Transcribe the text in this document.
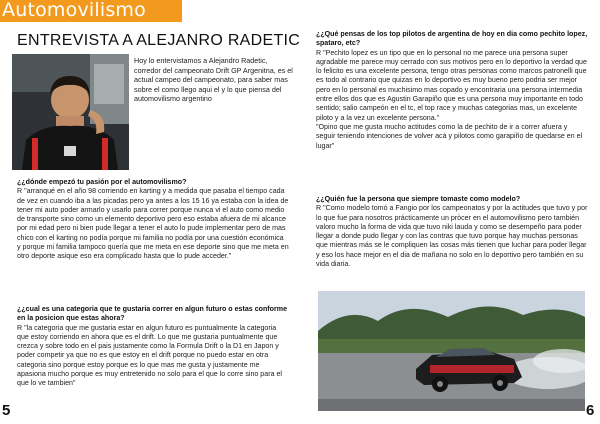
Automovilismo
ENTREVISTA A ALEJANRO RADETIC
Hoy lo entervistamos a Alejandro Radetic, corredor del campeonato Drift GP Argenitna, es el actual campeo del campeonato, para saber mas sobre el como llego aqui el y lo que piensa del automovilismo argentino
¿¿dónde empezó tu pasión por el automovilismo?
R "arranqué en el año 98 corriendo en karting y a medida que pasaba el tiempo cada de vez en cuando iba a las picadas pero ya antes a los 15 16 ya estaba con la idea de tener mi auto poder armarlo y usarlo para correr porque nunca vi el auto como medio de transporte sino como un elemento deportivo pero eso estaba afuera de mi alcance por mi edad pero ni bien pude llegar a tener el auto lo pude implementar pero de mas chico con el karting no podía porque mi familia no podía por una cuestión económica y porque mi familia tampoco quería que me meta en ese deporte sino que me meta en otro deporte asique eso era complicado hasta que lo pude acceder."
¿¿cual es una categoria que te gustaria correr en algun futuro o estas conforme en la posicion que estas ahora?
R "la categoria que me gustaria estar en algun futuro es puntualmente la categoria que estoy corriendo en ahora que es el drift. Lo que me gustaria puntualmente que crezca y sobre todo en el pais justamente como la Formula Drift o la D1 en Japon y poder competir ya que no es que estoy en el drift porque no puedo estar en otra categoria sino porque estoy porque es lo que mas me gusta y justamente me apasiona mucho porque es muy entretenido no solo para el que lo corre sino para el que lo ve tambien"
¿¿Qué pensas de los top pilotos de argentina de hoy en dia como pechito lopez, spataro, etc?
R "Pechito lopez es un tipo que en lo personal no me parece una persona super agradable me parece muy cerrado con sus motivos pero en lo deportivo la verdad que lo felicito es una excelente persona, tengo otras personas como marcos patronelli que es todo al contrario que quizas en lo deportivo es muy bueno pero podria ser mejor pero en lo personal es muchisimo mas copado y encontraria una persona intermedia entre ellos dos que es Agustin Garapiño que es una persona muy importante en todo sentido; salio campeón en el tc, el top race y muchas categorias mas, un excelente piloto y a la vez un excelente persona."
"Opino que me gusta mucho actitudes como la de pechito de ir a correr afuera y seguir teniendo intenciones de volver acá y pilotos como garapiño de quedarse en el lugar"
¿¿Quién fue la persona que siempre tomaste como modelo?
R "Como modelo tomó a Fangio por los campeonatos y por la actitudes que tuvo y por lo que fue para nosotros prácticamente un pròcer en el automovilismo pero también valoro mucho la forma de vida que tuvo niki lauda y como se desempeño para poder llegar a donde pudo llegar y con las contras que tuvo porque hay muchas personas que mientras más se le compliquen las cosas más tienen que luchar para poder llegar y eso los hace mejor en el dia de mañana no solo en lo deportivo pero también en su vida diaria.
5	6
